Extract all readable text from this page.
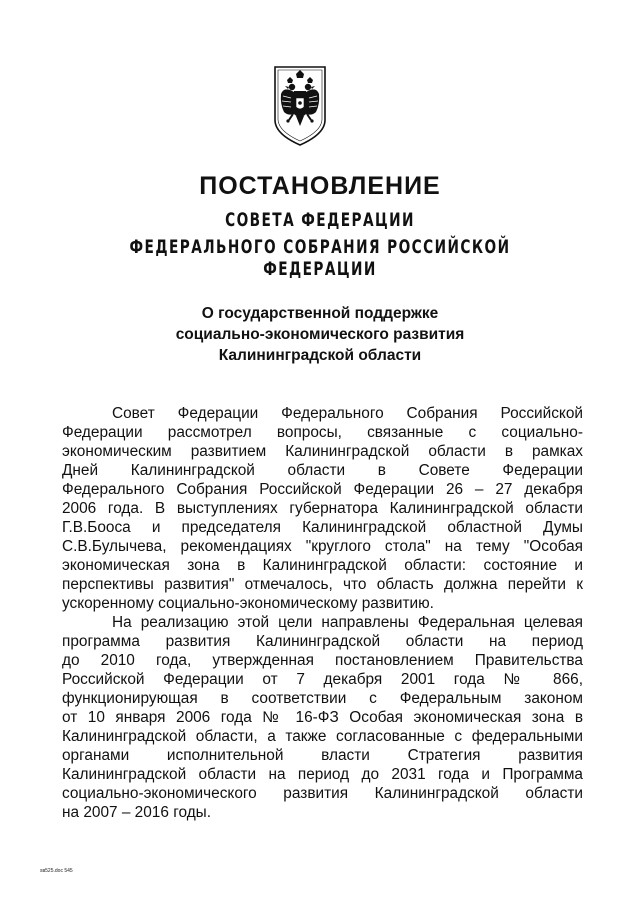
ПОСТАНОВЛЕНИЕ
СОВЕТА ФЕДЕРАЦИИ
ФЕДЕРАЛЬНОГО СОБРАНИЯ РОССИЙСКОЙ ФЕДЕРАЦИИ
О государственной поддержке
социально-экономического развития
Калининградской области

Совет Федерации Федерального Собрания Российской

Федерации рассмотрел вопросы, связанные с социально-

экономическим развитием Калининградской области в рамках

Дней Калининградской области в Совете Федерации

Федерального Собрания Российской Федерации 26 – 27 декабря

2006 года. В выступлениях губернатора Калининградской области

Г.В.Бооса и председателя Калининградской областной Думы

С.В.Булычева, рекомендациях "круглого стола" на тему "Особая

экономическая зона в Калининградской области: состояние и

перспективы развития" отмечалось, что область должна перейти к

ускоренному социально-экономическому развитию.

На реализацию этой цели направлены Федеральная целевая

программа развития Калининградской области на период

до 2010 года, утвержденная постановлением Правительства

Российской Федерации от 7 декабря 2001 года № 866,

функционирующая в соответствии с Федеральным законом

от 10 января 2006 года № 16-ФЗ Особая экономическая зона в

Калининградской области, а также согласованные с федеральными

органами исполнительной власти Стратегия развития

Калининградской области на период до 2031 года и Программа

социально-экономического развития Калининградской области

на 2007 – 2016 годы.

sв525.doc 545
